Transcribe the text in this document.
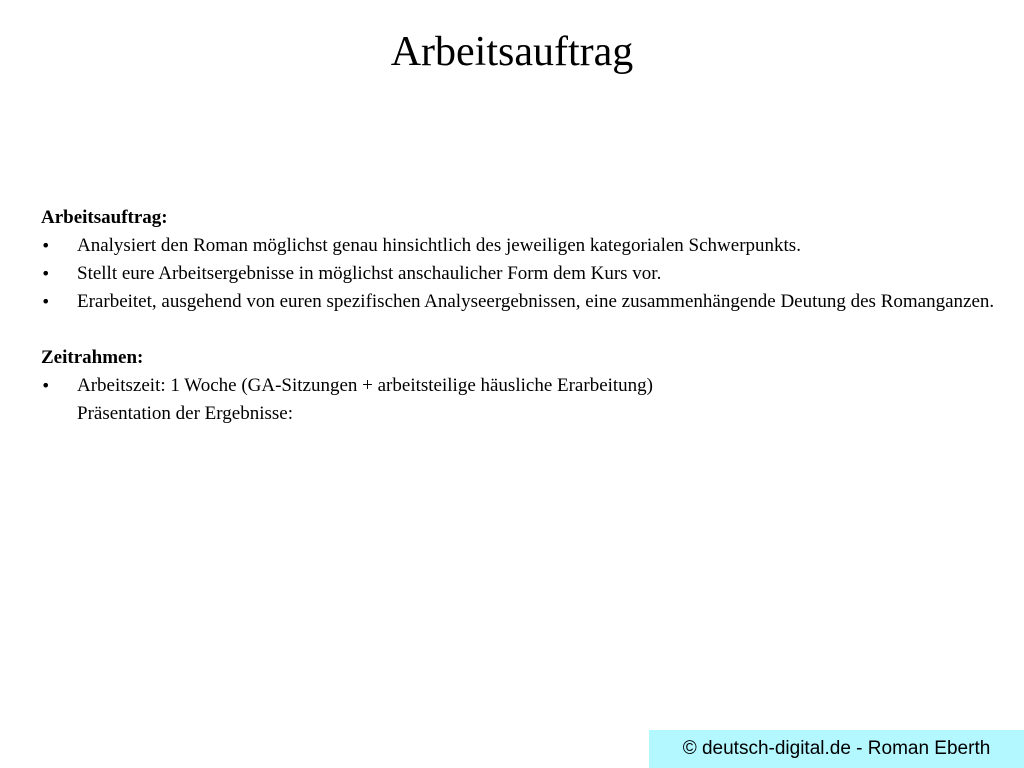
Arbeitsauftrag

Arbeitsauftrag:

•	Analysiert den Roman möglichst genau hinsichtlich des jeweiligen kategorialen Schwerpunkts.
•	Stellt eure Arbeitsergebnisse in möglichst anschaulicher Form dem Kurs vor.
•	Erarbeitet, ausgehend von euren spezifischen Analyseergebnissen, eine zusammenhängende Deutung des Romanganzen.

Zeitrahmen:

•	Arbeitszeit: 1 Woche (GA-Sitzungen + arbeitsteilige häusliche Erarbeitung)
Präsentation der Ergebnisse:
© deutsch-digital.de - Roman Eberth
